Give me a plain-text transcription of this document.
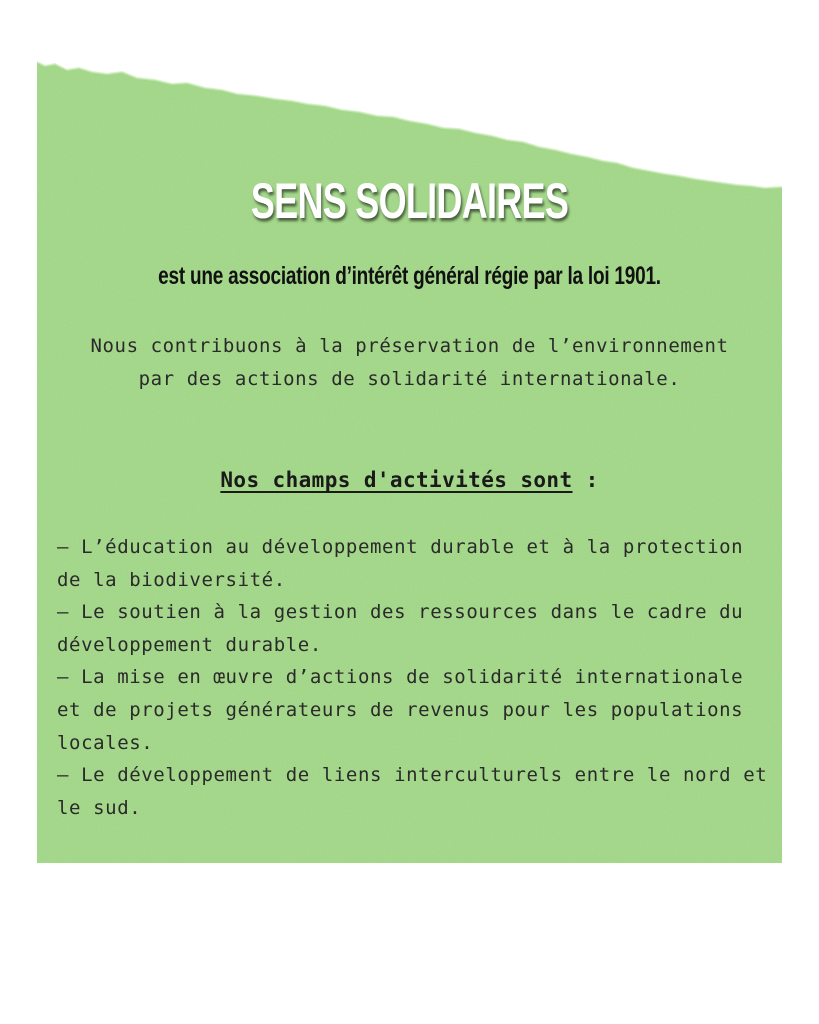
SENS SOLIDAIRES
est une association d’intérêt général régie par la loi 1901.
Nous contribuons à la préservation de l’environnement par des actions de solidarité internationale.
Nos champs d'activités sont :
– L’éducation au développement durable et à la protection de la biodiversité.
– Le soutien à la gestion des ressources dans le cadre du développement durable.
– La mise en œuvre d’actions de solidarité internationale et de projets générateurs de revenus pour les populations locales.
– Le développement de liens interculturels entre le nord et le sud.
